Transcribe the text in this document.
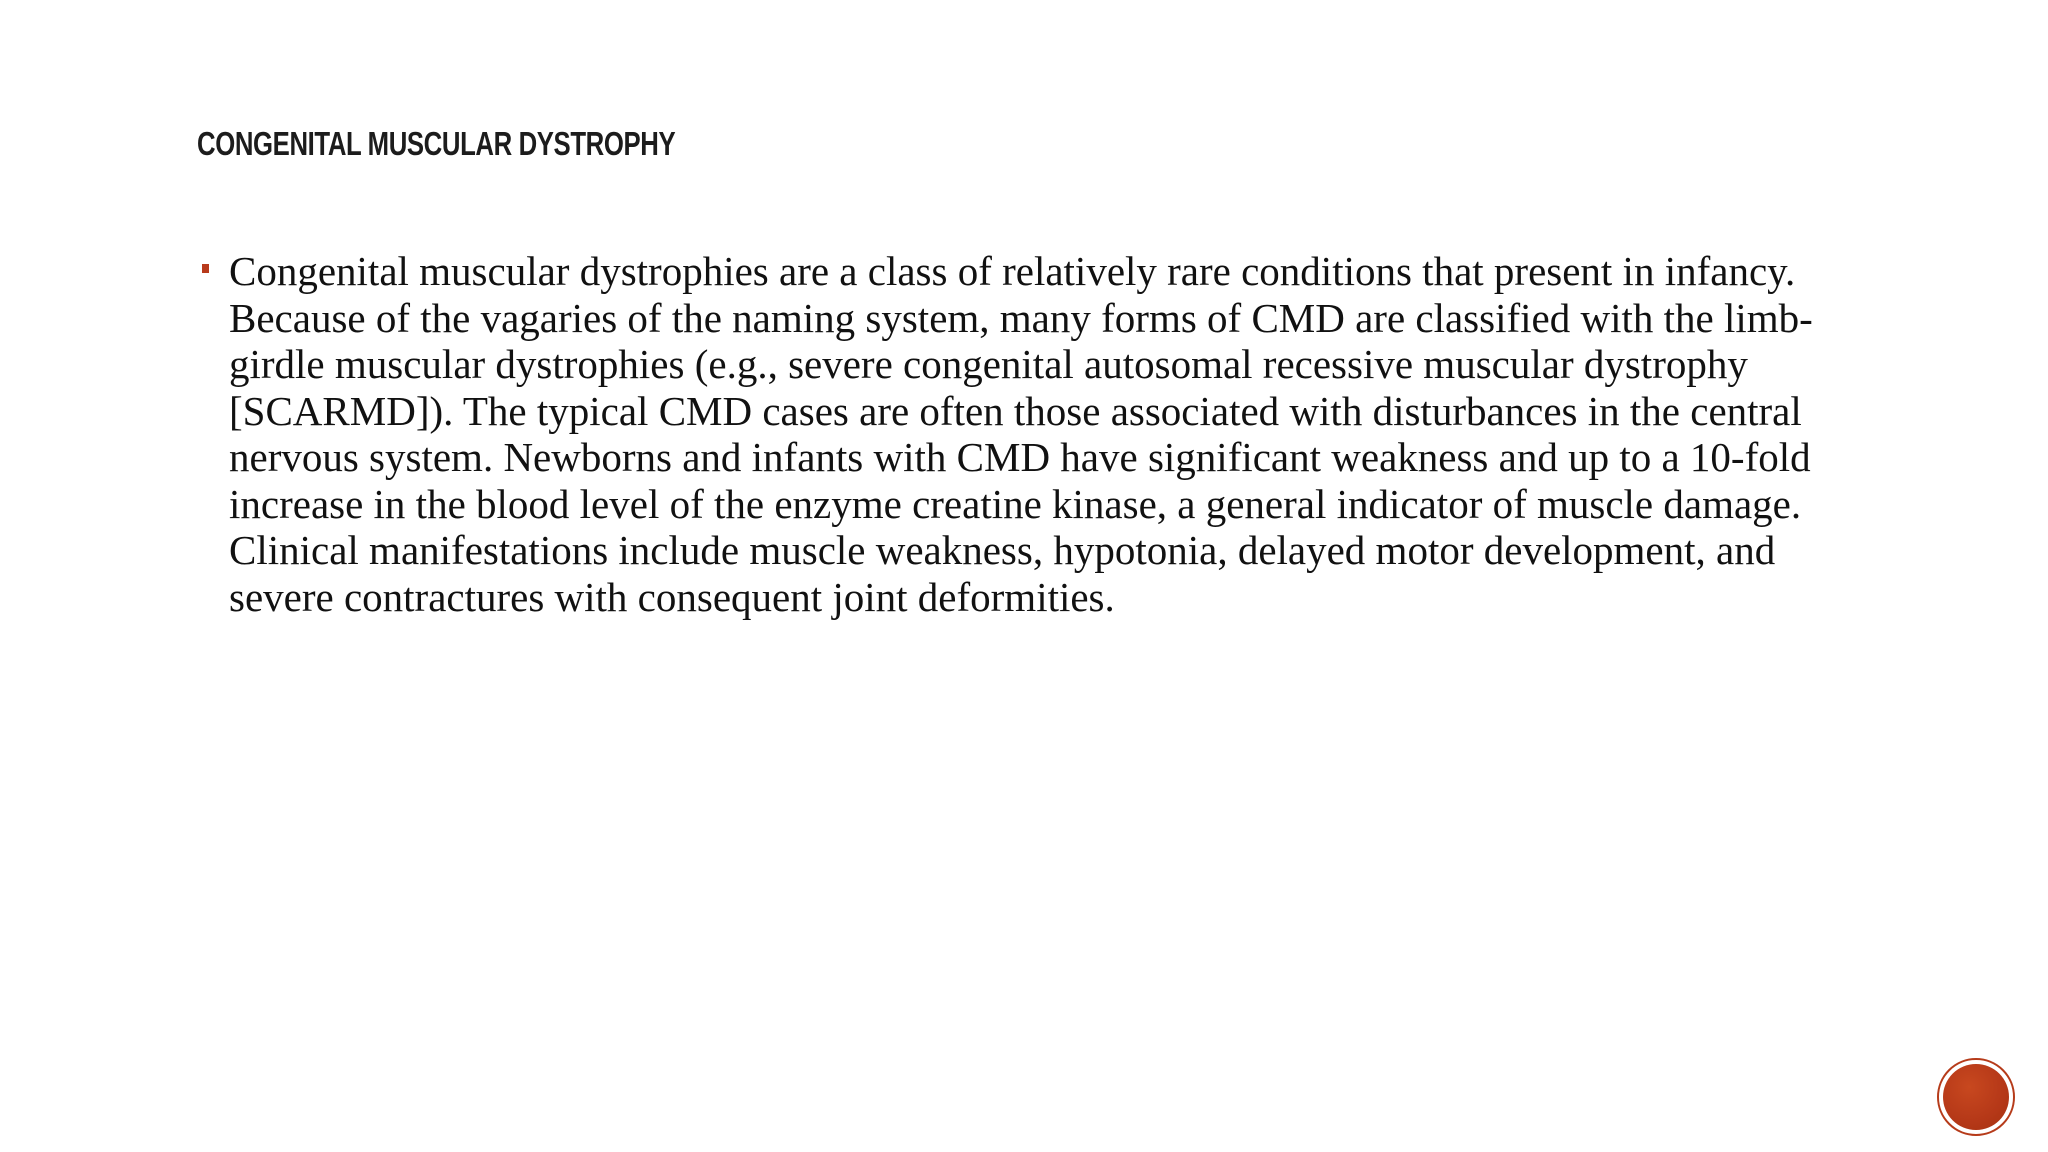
CONGENITAL MUSCULAR DYSTROPHY
Congenital muscular dystrophies are a class of relatively rare conditions that present in infancy. Because of the vagaries of the naming system, many forms of CMD are classified with the limb-girdle muscular dystrophies (e.g., severe congenital autosomal recessive muscular dystrophy [SCARMD]). The typical CMD cases are often those associated with disturbances in the central nervous system. Newborns and infants with CMD have significant weakness and up to a 10-fold increase in the blood level of the enzyme creatine kinase, a general indicator of muscle damage. Clinical manifestations include muscle weakness, hypotonia, delayed motor development, and severe contractures with consequent joint deformities.
